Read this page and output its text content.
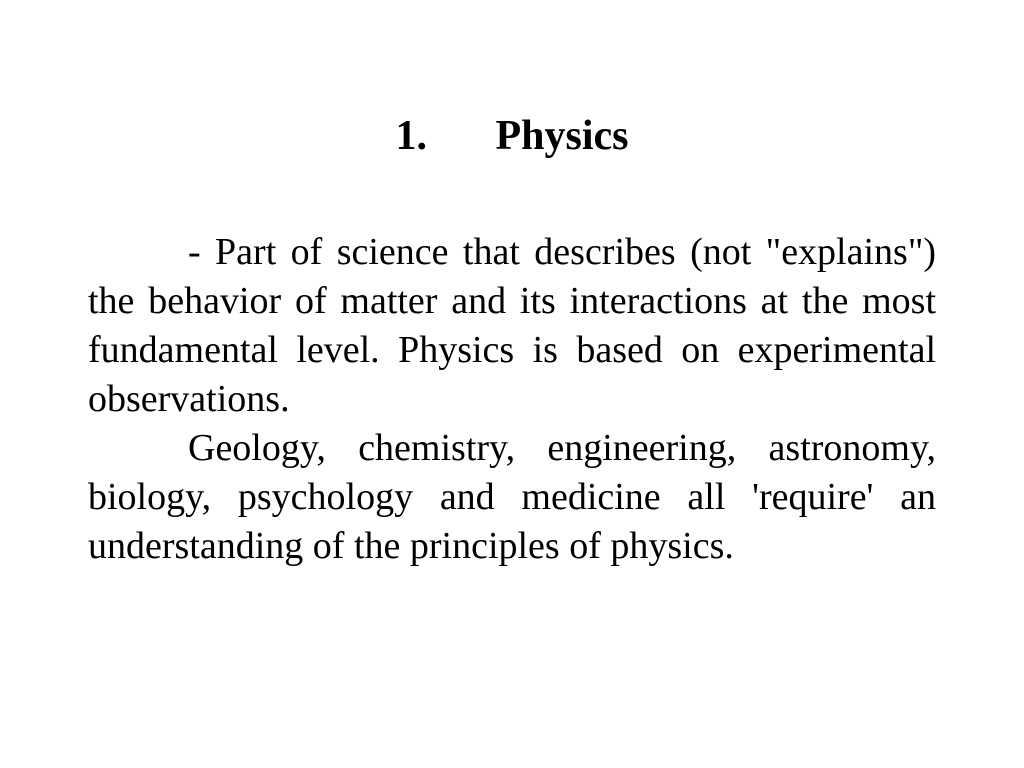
1. Physics

- Part of science that describes (not "explains") the behavior of matter and its interactions at the most fundamental level. Physics is based on experimental observations.

Geology, chemistry, engineering, astronomy, biology, psychology and medicine all 'require' an understanding of the principles of physics.
